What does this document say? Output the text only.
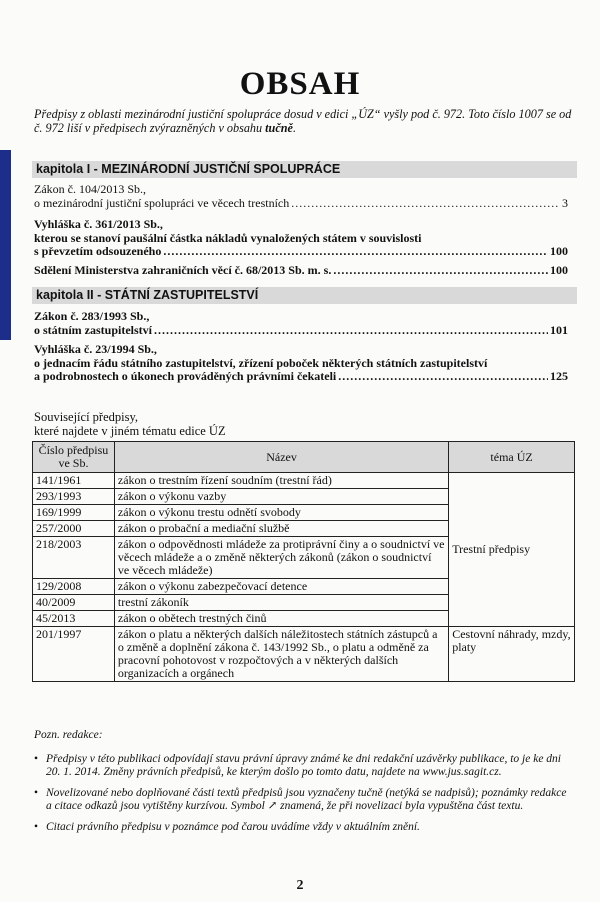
OBSAH
Předpisy z oblasti mezinárodní justiční spolupráce dosud v edici „ÚZ“ vyšly pod č. 972. Toto číslo 1007 se od č. 972 liší v předpisech zvýrazněných v obsahu tučně.
kapitola I - MEZINÁRODNÍ JUSTIČNÍ SPOLUPRÁCE
Zákon č. 104/2013 Sb.,
o mezinárodní justiční spolupráci ve věcech trestních . . .	3
Vyhláška č. 361/2013 Sb.,
kterou se stanoví paušální částka nákladů vynaložených státem v souvislosti
s převzetím odsouzeného . . .	100
Sdělení Ministerstva zahraničních věcí č. 68/2013 Sb. m. s. . . .	100
kapitola II - STÁTNÍ ZASTUPITELSTVÍ
Zákon č. 283/1993 Sb.,
o státním zastupitelství . . .	101
Vyhláška č. 23/1994 Sb.,
o jednacím řádu státního zastupitelství, zřízení poboček některých státních zastupitelství
a podrobnostech o úkonech prováděných právními čekateli . . .	125
Související předpisy,
které najdete v jiném tématu edice ÚZ
Číslo předpisu ve Sb.	Název	téma ÚZ
141/1961	zákon o trestním řízení soudním (trestní řád)	Trestní předpisy
293/1993	zákon o výkonu vazby	
169/1999	zákon o výkonu trestu odnětí svobody	
257/2000	zákon o probační a mediační službě	
218/2003	zákon o odpovědnosti mládeže za protiprávní činy a o soudnictví ve věcech mládeže a o změně některých zákonů (zákon o soudnictví ve věcech mládeže)	
129/2008	zákon o výkonu zabezpečovací detence	
40/2009	trestní zákoník	
45/2013	zákon o obětech trestných činů	
201/1997	zákon o platu a některých dalších náležitostech státních zástupců a o změně a doplnění zákona č. 143/1992 Sb., o platu a odměně za pracovní pohotovost v rozpočtových a v některých dalších organizacích a orgánech	Cestovní náhrady, mzdy, platy
Pozn. redakce:
• Předpisy v této publikaci odpovídají stavu právní úpravy známé ke dni redakční uzávěrky publikace, to je ke dni 20. 1. 2014. Změny právních předpisů, ke kterým došlo po tomto datu, najdete na www.jus.sagit.cz.
• Novelizované nebo doplňované části textů předpisů jsou vyznačeny tučně (netýká se nadpisů); poznámky redakce a citace odkazů jsou vytištěny kurzívou. Symbol ↗ znamená, že při novelizaci byla vypuštěna část textu.
• Citaci právního předpisu v poznámce pod čarou uvádíme vždy v aktuálním znění.
2
